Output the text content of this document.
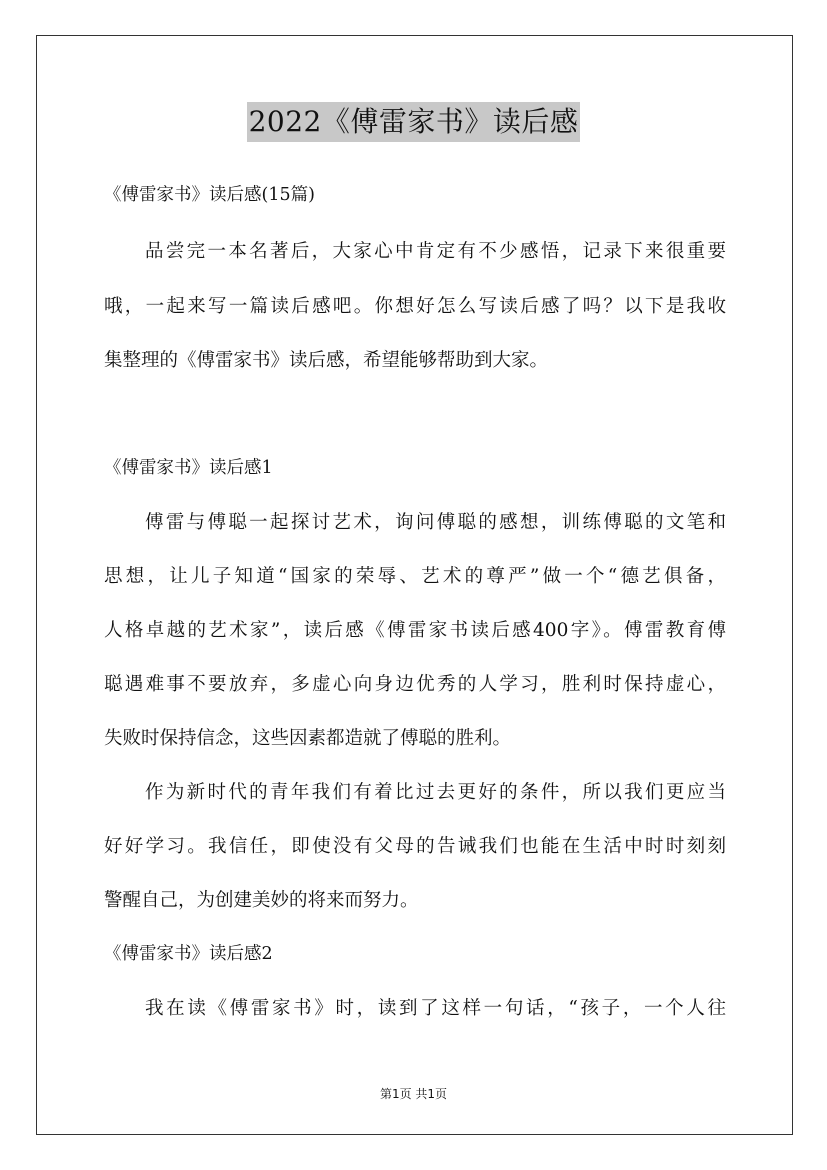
2022《傅雷家书》读后感
《傅雷家书》读后感(15篇)
品尝完一本名著后，大家心中肯定有不少感悟，记录下来很重要
哦，一起来写一篇读后感吧。你想好怎么写读后感了吗？以下是我收
集整理的《傅雷家书》读后感，希望能够帮助到大家。
《傅雷家书》读后感1
傅雷与傅聪一起探讨艺术，询问傅聪的感想，训练傅聪的文笔和
思想，让儿子知道“国家的荣辱、艺术的尊严”做一个“德艺俱备，
人格卓越的艺术家”，读后感《傅雷家书读后感400字》。傅雷教育傅
聪遇难事不要放弃，多虚心向身边优秀的人学习，胜利时保持虚心，
失败时保持信念，这些因素都造就了傅聪的胜利。
作为新时代的青年我们有着比过去更好的条件，所以我们更应当
好好学习。我信任，即使没有父母的告诫我们也能在生活中时时刻刻
警醒自己，为创建美妙的将来而努力。
《傅雷家书》读后感2
我在读《傅雷家书》时，读到了这样一句话，“孩子，一个人往
第1页 共1页
